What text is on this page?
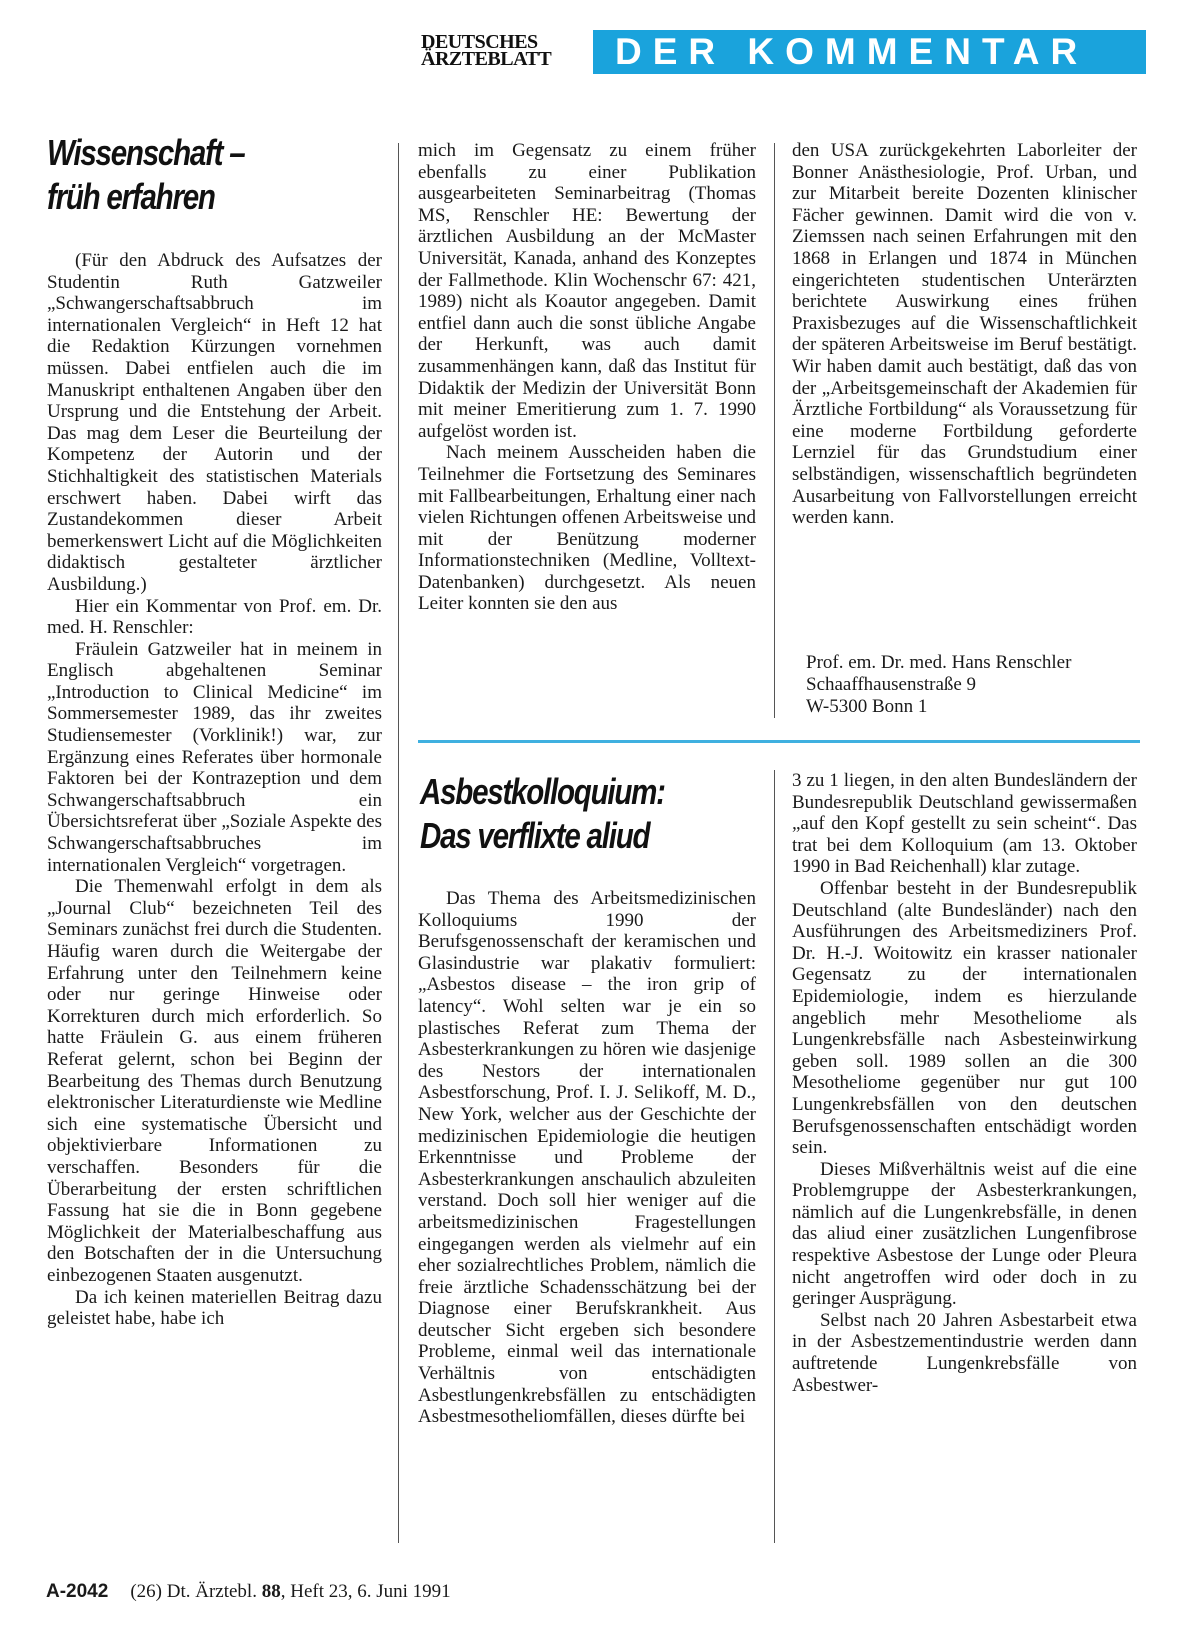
DEUTSCHES
ÄRZTEBLATT	DER KOMMENTAR
Wissenschaft –
früh erfahren

(Für den Abdruck des Aufsatzes der Studentin Ruth Gatzweiler „Schwangerschaftsabbruch im internationalen Vergleich“ in Heft 12 hat die Redaktion Kürzungen vornehmen müssen. Dabei entfielen auch die im Manuskript enthaltenen Angaben über den Ursprung und die Entstehung der Arbeit. Das mag dem Leser die Beurteilung der Kompetenz der Autorin und der Stichhaltigkeit des statistischen Materials erschwert haben. Dabei wirft das Zustandekommen dieser Arbeit bemerkenswert Licht auf die Möglichkeiten didaktisch gestalteter ärztlicher Ausbildung.)

Hier ein Kommentar von Prof. em. Dr. med. H. Renschler:

Fräulein Gatzweiler hat in meinem in Englisch abgehaltenen Seminar „Introduction to Clinical Medicine“ im Sommersemester 1989, das ihr zweites Studiensemester (Vorklinik!) war, zur Ergänzung eines Referates über hormonale Faktoren bei der Kontrazeption und dem Schwangerschaftsabbruch ein Übersichtsreferat über „Soziale Aspekte des Schwangerschaftsabbruches im internationalen Vergleich“ vorgetragen.

Die Themenwahl erfolgt in dem als „Journal Club“ bezeichneten Teil des Seminars zunächst frei durch die Studenten. Häufig waren durch die Weitergabe der Erfahrung unter den Teilnehmern keine oder nur geringe Hinweise oder Korrekturen durch mich erforderlich. So hatte Fräulein G. aus einem früheren Referat gelernt, schon bei Beginn der Bearbeitung des Themas durch Benutzung elektronischer Literaturdienste wie Medline sich eine systematische Übersicht und objektivierbare Informationen zu verschaffen. Besonders für die Überarbeitung der ersten schriftlichen Fassung hat sie die in Bonn gegebene Möglichkeit der Materialbeschaffung aus den Botschaften der in die Untersuchung einbezogenen Staaten ausgenutzt.

Da ich keinen materiellen Beitrag dazu geleistet habe, habe ich

mich im Gegensatz zu einem früher ebenfalls zu einer Publikation ausgearbeiteten Seminarbeitrag (Thomas MS, Renschler HE: Bewertung der ärztlichen Ausbildung an der McMaster Universität, Kanada, anhand des Konzeptes der Fallmethode. Klin Wochenschr 67: 421, 1989) nicht als Koautor angegeben. Damit entfiel dann auch die sonst übliche Angabe der Herkunft, was auch damit zusammenhängen kann, daß das Institut für Didaktik der Medizin der Universität Bonn mit meiner Emeritierung zum 1. 7. 1990 aufgelöst worden ist.

Nach meinem Ausscheiden haben die Teilnehmer die Fortsetzung des Seminares mit Fallbearbeitungen, Erhaltung einer nach vielen Richtungen offenen Arbeitsweise und mit der Benützung moderner Informationstechniken (Medline, Volltext-Datenbanken) durchgesetzt. Als neuen Leiter konnten sie den aus

den USA zurückgekehrten Laborleiter der Bonner Anästhesiologie, Prof. Urban, und zur Mitarbeit bereite Dozenten klinischer Fächer gewinnen. Damit wird die von v. Ziemssen nach seinen Erfahrungen mit den 1868 in Erlangen und 1874 in München eingerichteten studentischen Unterärzten berichtete Auswirkung eines frühen Praxisbezuges auf die Wissenschaftlichkeit der späteren Arbeitsweise im Beruf bestätigt. Wir haben damit auch bestätigt, daß das von der „Arbeitsgemeinschaft der Akademien für Ärztliche Fortbildung“ als Voraussetzung für eine moderne Fortbildung geforderte Lernziel für das Grundstudium einer selbständigen, wissenschaftlich begründeten Ausarbeitung von Fallvorstellungen erreicht werden kann.

Prof. em. Dr. med. Hans Renschler
Schaaffhausenstraße 9
W-5300 Bonn 1
Asbestkolloquium:
Das verflixte aliud

Das Thema des Arbeitsmedizinischen Kolloquiums 1990 der Berufsgenossenschaft der keramischen und Glasindustrie war plakativ formuliert: „Asbestos disease – the iron grip of latency“. Wohl selten war je ein so plastisches Referat zum Thema der Asbesterkrankungen zu hören wie dasjenige des Nestors der internationalen Asbestforschung, Prof. I. J. Selikoff, M. D., New York, welcher aus der Geschichte der medizinischen Epidemiologie die heutigen Erkenntnisse und Probleme der Asbesterkrankungen anschaulich abzuleiten verstand. Doch soll hier weniger auf die arbeitsmedizinischen Fragestellungen eingegangen werden als vielmehr auf ein eher sozialrechtliches Problem, nämlich die freie ärztliche Schadensschätzung bei der Diagnose einer Berufskrankheit. Aus deutscher Sicht ergeben sich besondere Probleme, einmal weil das internationale Verhältnis von entschädigten Asbestlungenkrebsfällen zu entschädigten Asbestmesotheliomfällen, dieses dürfte bei

3 zu 1 liegen, in den alten Bundesländern der Bundesrepublik Deutschland gewissermaßen „auf den Kopf gestellt zu sein scheint“. Das trat bei dem Kolloquium (am 13. Oktober 1990 in Bad Reichenhall) klar zutage.

Offenbar besteht in der Bundesrepublik Deutschland (alte Bundesländer) nach den Ausführungen des Arbeitsmediziners Prof. Dr. H.-J. Woitowitz ein krasser nationaler Gegensatz zu der internationalen Epidemiologie, indem es hierzulande angeblich mehr Mesotheliome als Lungenkrebsfälle nach Asbesteinwirkung geben soll. 1989 sollen an die 300 Mesotheliome gegenüber nur gut 100 Lungenkrebsfällen von den deutschen Berufsgenossenschaften entschädigt worden sein.

Dieses Mißverhältnis weist auf die eine Problemgruppe der Asbesterkrankungen, nämlich auf die Lungenkrebsfälle, in denen das aliud einer zusätzlichen Lungenfibrose respektive Asbestose der Lunge oder Pleura nicht angetroffen wird oder doch in zu geringer Ausprägung.

Selbst nach 20 Jahren Asbestarbeit etwa in der Asbestzementindustrie werden dann auftretende Lungenkrebsfälle von Asbestwer-

A-2042 (26) Dt. Ärztebl. 88, Heft 23, 6. Juni 1991
